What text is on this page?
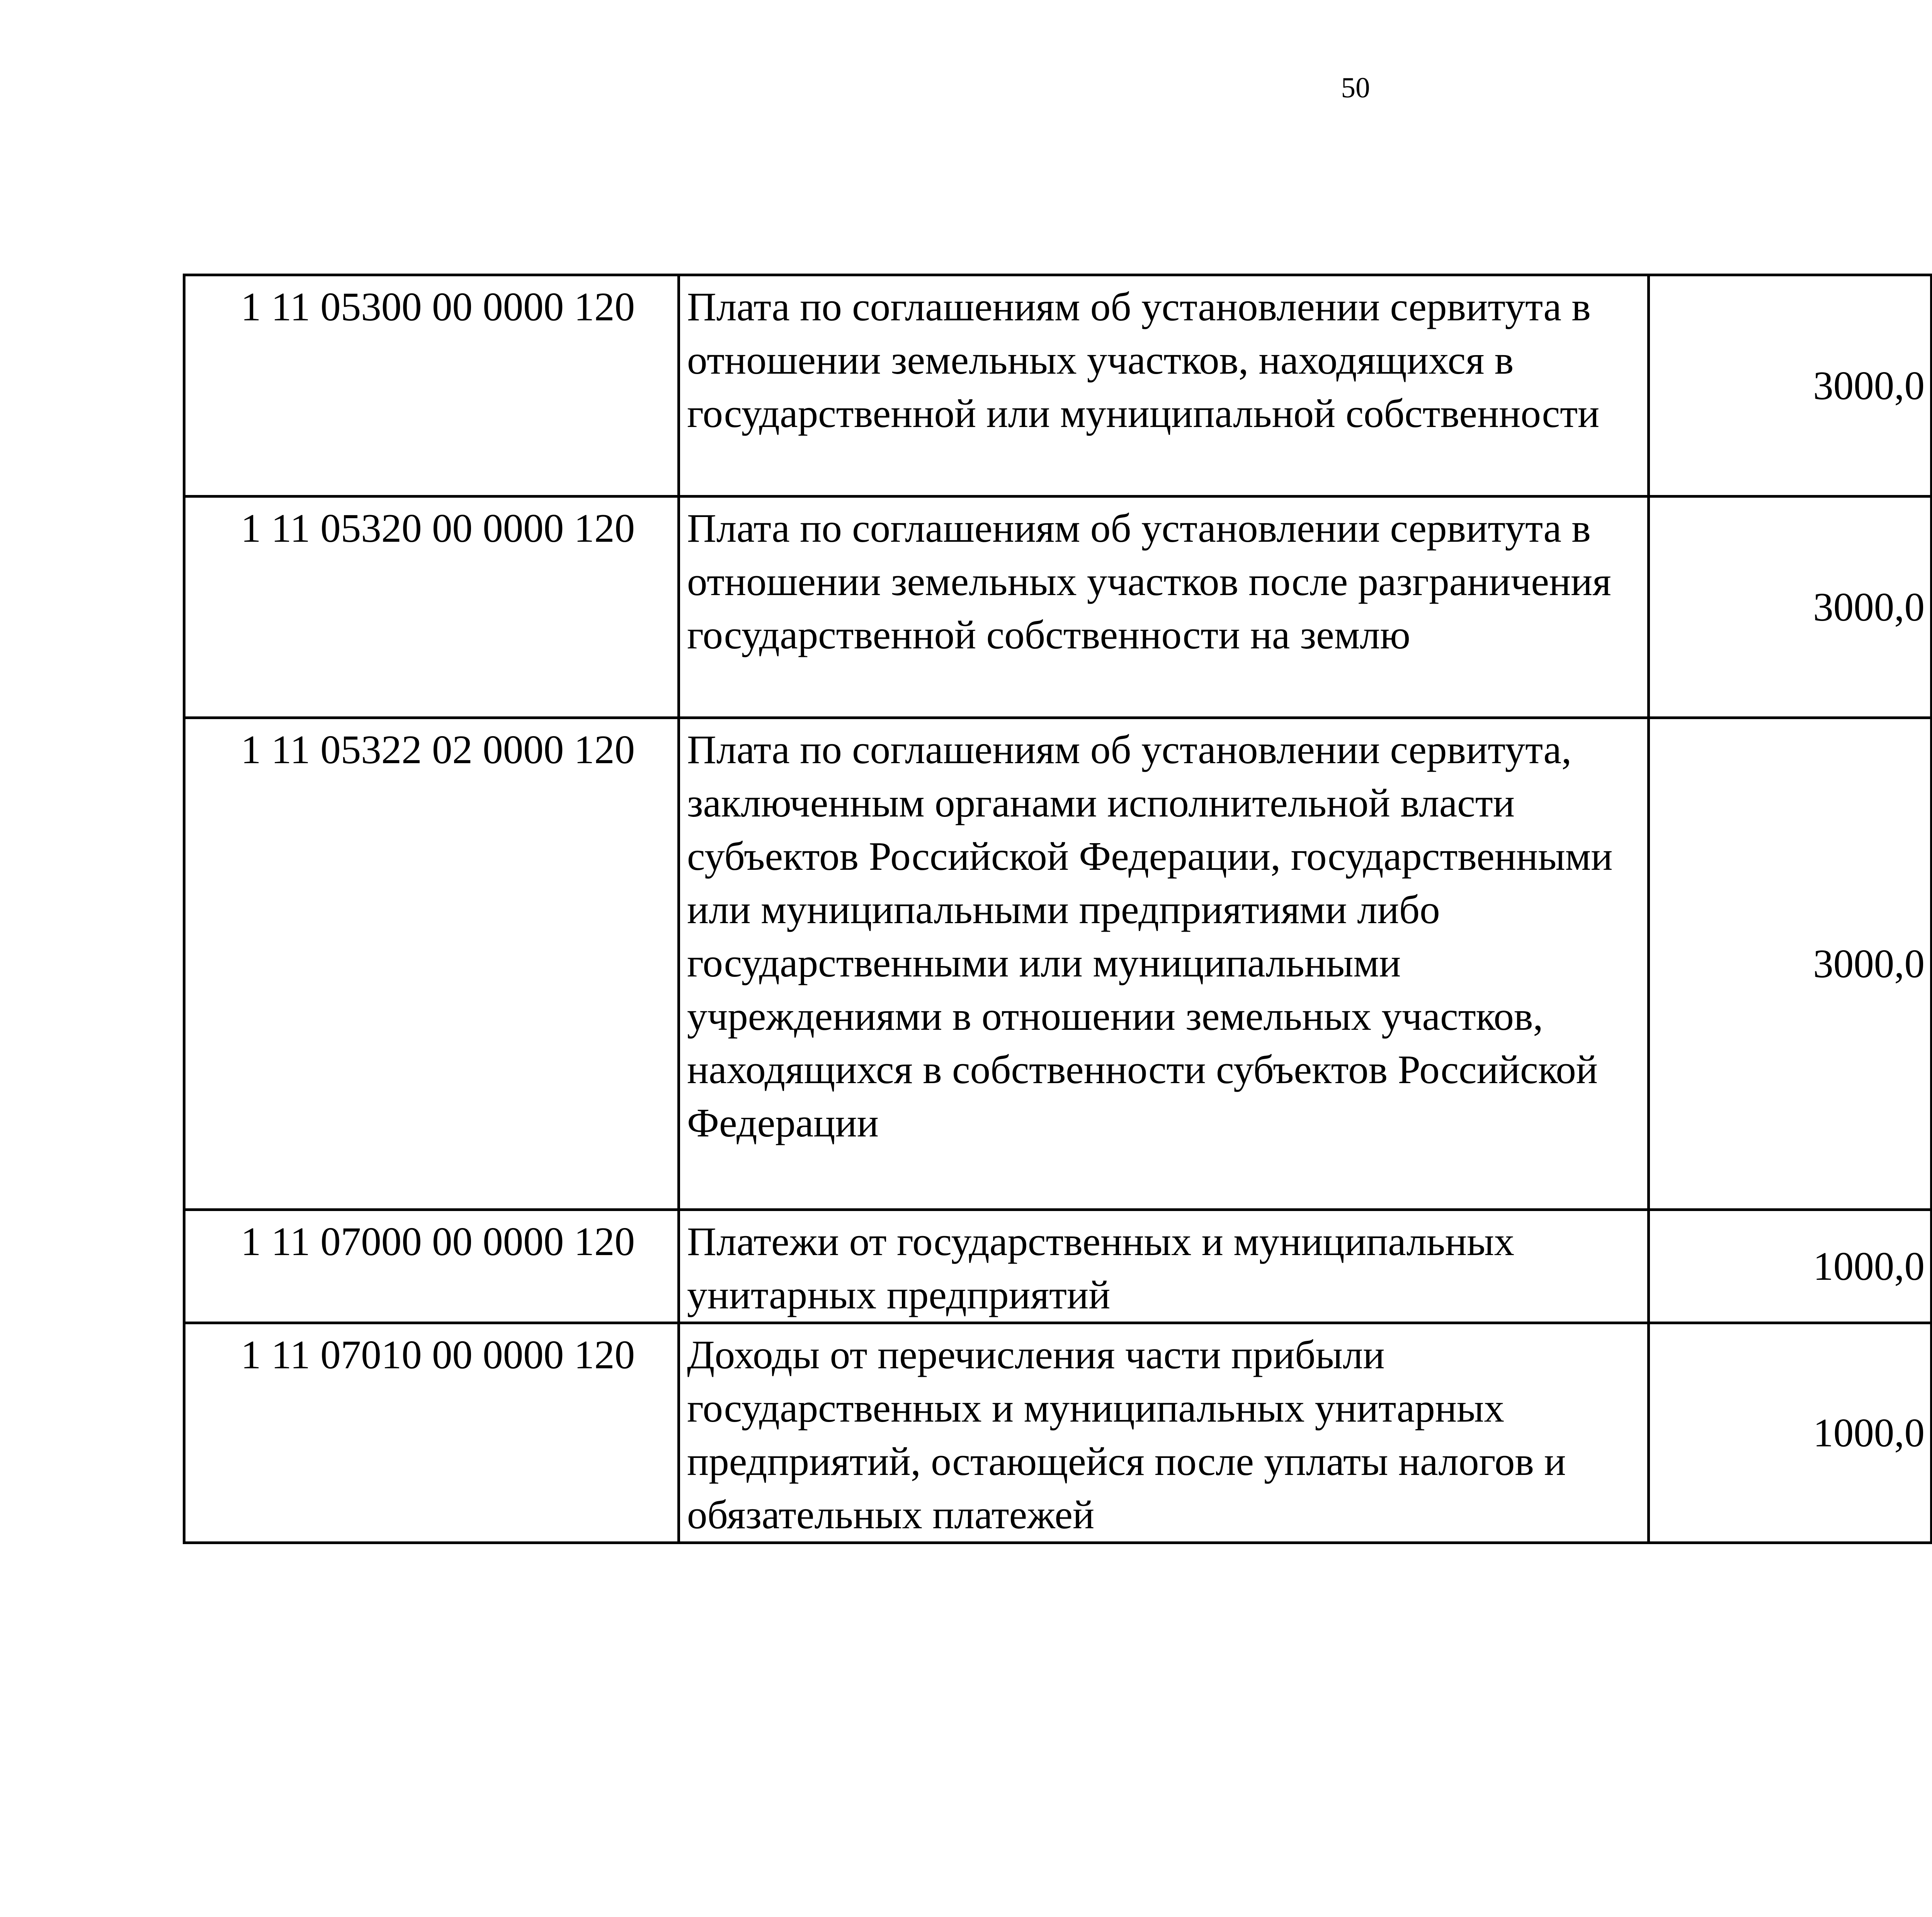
50
1 11 05300 00 0000 120	Плата по соглашениям об установлении сервитута в отношении земельных участков, находящихся в государственной или муниципальной собственности	3000,0		
1 11 05320 00 0000 120	Плата по соглашениям об установлении сервитута в отношении земельных участков после разграничения государственной собственности на землю	3000,0		
1 11 05322 02 0000 120	Плата по соглашениям об установлении сервитута, заключенным органами исполнительной власти субъектов Российской Федерации, государственными или муниципальными предприятиями либо государственными или муниципальными учреждениями в отношении земельных участков, находящихся в собственности субъектов Российской Федерации	3000,0		
1 11 07000 00 0000 120	Платежи от государственных и муниципальных унитарных предприятий	1000,0		
1 11 07010 00 0000 120	Доходы от перечисления части прибыли государственных и муниципальных унитарных предприятий, остающейся после уплаты налогов и обязательных платежей	1000,0		
